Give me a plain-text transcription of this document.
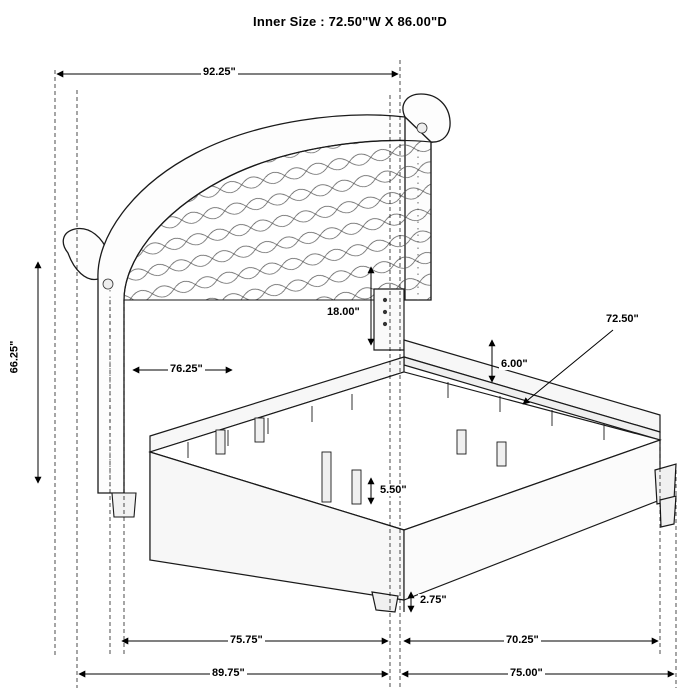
Inner Size : 72.50"W X 86.00"D
92.25"
66.25"	76.25"
18.00"
6.00"
5.50"
2.75"
72.50"
75.75"	70.25"
89.75"	75.00"
